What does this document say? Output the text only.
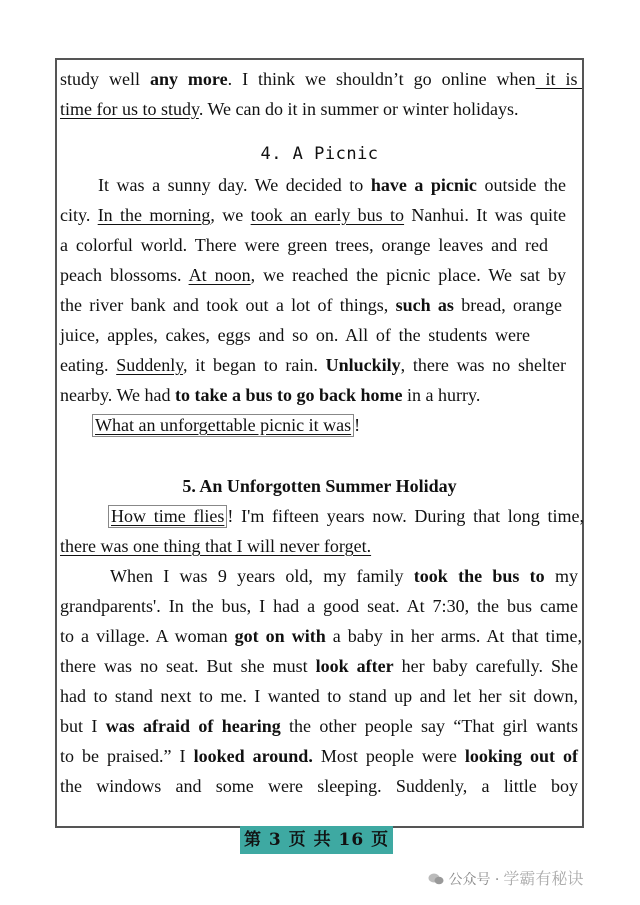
study well any more. I think we shouldn’t go online when it is
time for us to study. We can do it in summer or winter holidays.
4. A Picnic
It was a sunny day. We decided to have a picnic outside the
city. In the morning, we took an early bus to Nanhui. It was quite
a colorful world. There were green trees, orange leaves and red
peach blossoms. At noon, we reached the picnic place. We sat by
the river bank and took out a lot of things, such as bread, orange
juice, apples, cakes, eggs and so on. All of the students were
eating. Suddenly, it began to rain. Unluckily, there was no shelter
nearby. We had to take a bus to go back home in a hurry.
What an unforgettable picnic it was !
5. An Unforgotten Summer Holiday
How time flies ! I'm fifteen years now. During that long time,
there was one thing that I will never forget.
When I was 9 years old, my family took the bus to my
grandparents'. In the bus, I had a good seat. At 7:30, the bus came
to a village. A woman got on with a baby in her arms. At that time,
there was no seat. But she must look after her baby carefully. She
had to stand next to me. I wanted to stand up and let her sit down,
but I was afraid of hearing the other people say “That girl wants
to be praised.” I looked around. Most people were looking out of
the windows and some were sleeping. Suddenly, a little boy
第 3 页 共 16 页
公众号 · 学霸有秘诀
